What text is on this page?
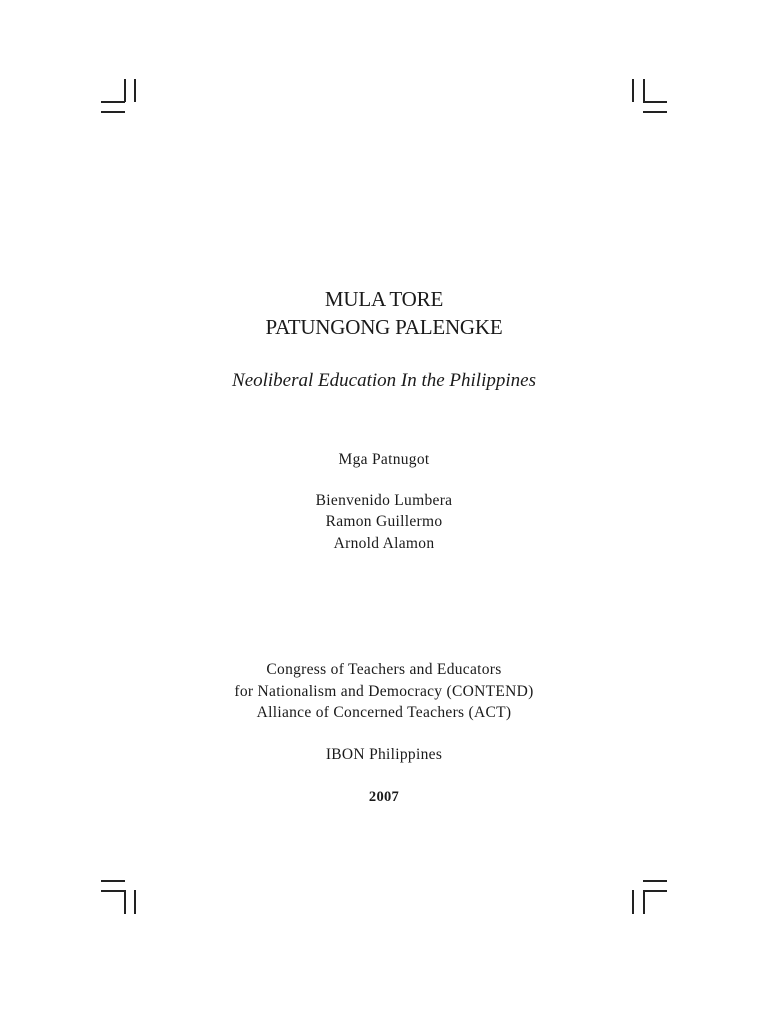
MULA TORE
PATUNGONG PALENGKE
Neoliberal Education In the Philippines
Mga Patnugot
Bienvenido Lumbera
Ramon Guillermo
Arnold Alamon
Congress of Teachers and Educators
for Nationalism and Democracy (CONTEND)
Alliance of Concerned Teachers (ACT)
IBON Philippines
2007
